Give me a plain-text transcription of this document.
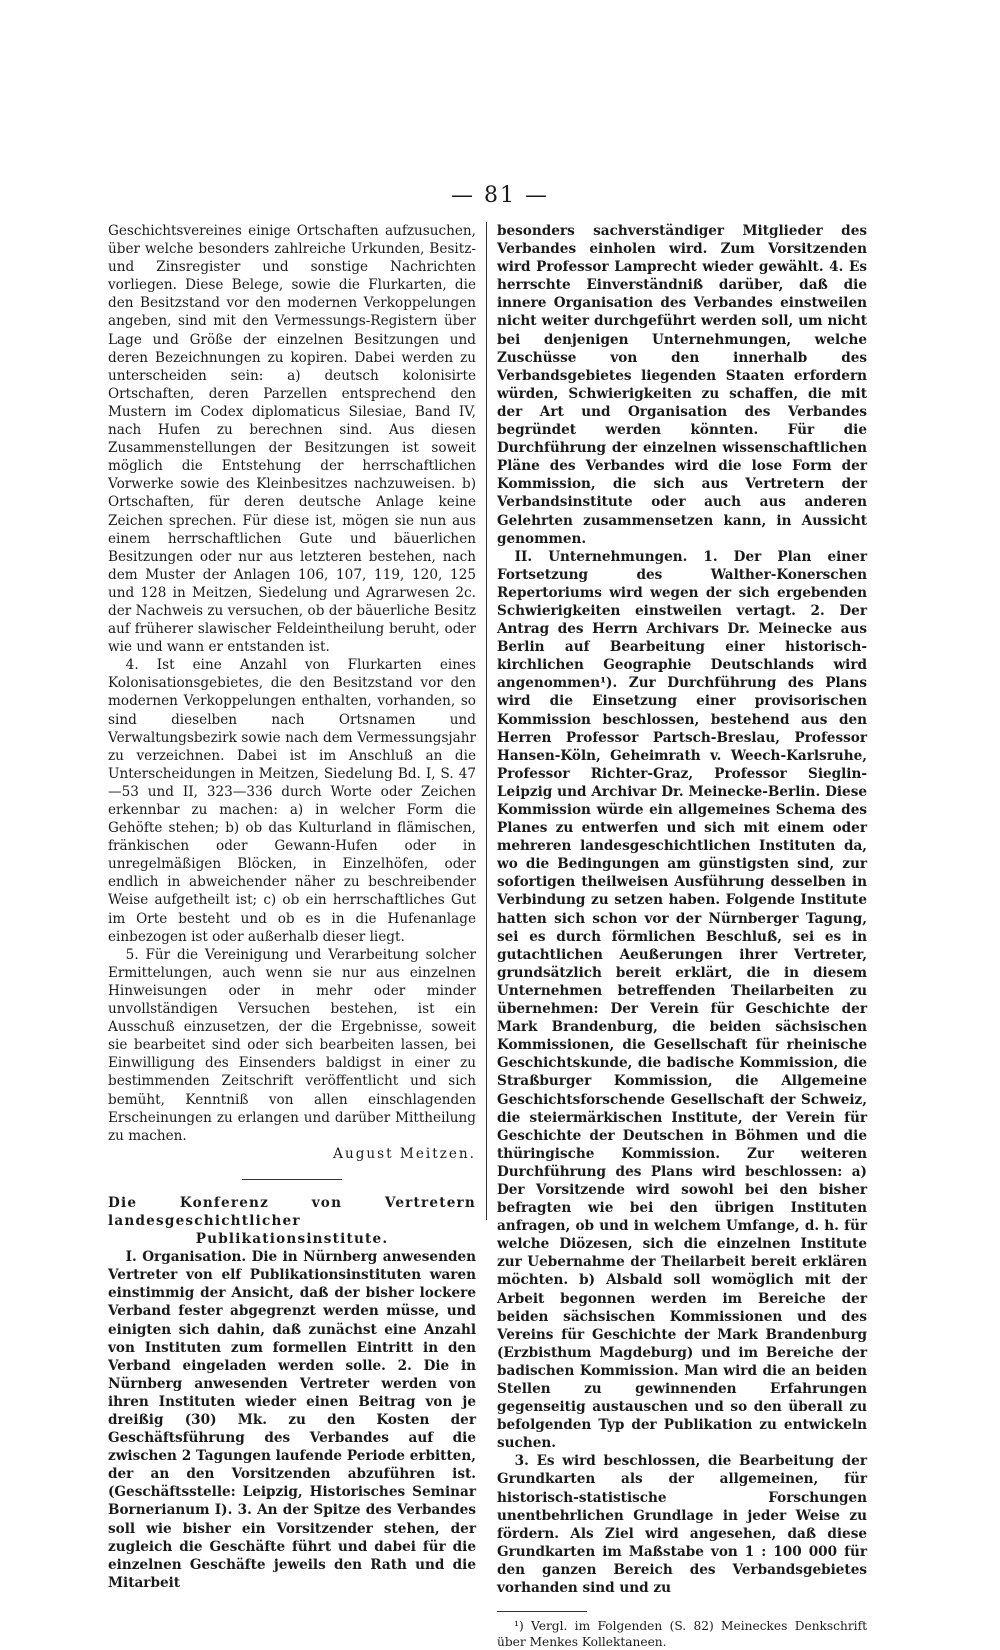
— 81 —

Geschichtsvereines einige Ortschaften aufzusuchen, über welche besonders zahlreiche Urkunden, Besitz- und Zinsregister und sonstige Nachrichten vorliegen. Diese Belege, sowie die Flurkarten, die den Besitzstand vor den modernen Verkoppelungen angeben, sind mit den Vermessungs-Registern über Lage und Größe der einzelnen Besitzungen und deren Bezeichnungen zu kopiren. Dabei werden zu unterscheiden sein: a) deutsch kolonisirte Ortschaften, deren Parzellen entsprechend den Mustern im Codex diplomaticus Silesiae, Band IV, nach Hufen zu berechnen sind. Aus diesen Zusammenstellungen der Besitzungen ist soweit möglich die Entstehung der herrschaftlichen Vorwerke sowie des Kleinbesitzes nachzuweisen. b) Ortschaften, für deren deutsche Anlage keine Zeichen sprechen. Für diese ist, mögen sie nun aus einem herrschaftlichen Gute und bäuerlichen Besitzungen oder nur aus letzteren bestehen, nach dem Muster der Anlagen 106, 107, 119, 120, 125 und 128 in Meitzen, Siedelung und Agrarwesen 2c. der Nachweis zu versuchen, ob der bäuerliche Besitz auf früherer slawischer Feldeintheilung beruht, oder wie und wann er entstanden ist.

4. Ist eine Anzahl von Flurkarten eines Kolonisationsgebietes, die den Besitzstand vor den modernen Verkoppelungen enthalten, vorhanden, so sind dieselben nach Ortsnamen und Verwaltungsbezirk sowie nach dem Vermessungsjahr zu verzeichnen. Dabei ist im Anschluß an die Unterscheidungen in Meitzen, Siedelung Bd. I, S. 47—53 und II, 323—336 durch Worte oder Zeichen erkennbar zu machen: a) in welcher Form die Gehöfte stehen; b) ob das Kulturland in flämischen, fränkischen oder Gewann-Hufen oder in unregelmäßigen Blöcken, in Einzelhöfen, oder endlich in abweichender näher zu beschreibender Weise aufgetheilt ist; c) ob ein herrschaftliches Gut im Orte besteht und ob es in die Hufenanlage einbezogen ist oder außerhalb dieser liegt.

5. Für die Vereinigung und Verarbeitung solcher Ermittelungen, auch wenn sie nur aus einzelnen Hinweisungen oder in mehr oder minder unvollständigen Versuchen bestehen, ist ein Ausschuß einzusetzen, der die Ergebnisse, soweit sie bearbeitet sind oder sich bearbeiten lassen, bei Einwilligung des Einsenders baldigst in einer zu bestimmenden Zeitschrift veröffentlicht und sich bemüht, Kenntniß von allen einschlagenden Erscheinungen zu erlangen und darüber Mittheilung zu machen.

August Meitzen.

Die Konferenz von Vertretern landesgeschichtlicher Publikationsinstitute.

I. Organisation. Die in Nürnberg anwesenden Vertreter von elf Publikationsinstituten waren einstimmig der Ansicht, daß der bisher lockere Verband fester abgegrenzt werden müsse, und einigten sich dahin, daß zunächst eine Anzahl von Instituten zum formellen Eintritt in den Verband eingeladen werden solle. 2. Die in Nürnberg anwesenden Vertreter werden von ihren Instituten wieder einen Beitrag von je dreißig (30) Mk. zu den Kosten der Geschäftsführung des Verbandes auf die zwischen 2 Tagungen laufende Periode erbitten, der an den Vorsitzenden abzuführen ist. (Geschäftsstelle: Leipzig, Historisches Seminar Bornerianum I). 3. An der Spitze des Verbandes soll wie bisher ein Vorsitzender stehen, der zugleich die Geschäfte führt und dabei für die einzelnen Geschäfte jeweils den Rath und die Mitarbeit

besonders sachverständiger Mitglieder des Verbandes einholen wird. Zum Vorsitzenden wird Professor Lamprecht wieder gewählt. 4. Es herrschte Einverständniß darüber, daß die innere Organisation des Verbandes einstweilen nicht weiter durchgeführt werden soll, um nicht bei denjenigen Unternehmungen, welche Zuschüsse von den innerhalb des Verbandsgebietes liegenden Staaten erfordern würden, Schwierigkeiten zu schaffen, die mit der Art und Organisation des Verbandes begründet werden könnten. Für die Durchführung der einzelnen wissenschaftlichen Pläne des Verbandes wird die lose Form der Kommission, die sich aus Vertretern der Verbandsinstitute oder auch aus anderen Gelehrten zusammensetzen kann, in Aussicht genommen.

II. Unternehmungen. 1. Der Plan einer Fortsetzung des Walther-Konerschen Repertoriums wird wegen der sich ergebenden Schwierigkeiten einstweilen vertagt. 2. Der Antrag des Herrn Archivars Dr. Meinecke aus Berlin auf Bearbeitung einer historisch-kirchlichen Geographie Deutschlands wird angenommen¹). Zur Durchführung des Plans wird die Einsetzung einer provisorischen Kommission beschlossen, bestehend aus den Herren Professor Partsch-Breslau, Professor Hansen-Köln, Geheimrath v. Weech-Karlsruhe, Professor Richter-Graz, Professor Sieglin-Leipzig und Archivar Dr. Meinecke-Berlin. Diese Kommission würde ein allgemeines Schema des Planes zu entwerfen und sich mit einem oder mehreren landesgeschichtlichen Instituten da, wo die Bedingungen am günstigsten sind, zur sofortigen theilweisen Ausführung desselben in Verbindung zu setzen haben. Folgende Institute hatten sich schon vor der Nürnberger Tagung, sei es durch förmlichen Beschluß, sei es in gutachtlichen Aeußerungen ihrer Vertreter, grundsätzlich bereit erklärt, die in diesem Unternehmen betreffenden Theilarbeiten zu übernehmen: Der Verein für Geschichte der Mark Brandenburg, die beiden sächsischen Kommissionen, die Gesellschaft für rheinische Geschichtskunde, die badische Kommission, die Straßburger Kommission, die Allgemeine Geschichtsforschende Gesellschaft der Schweiz, die steiermärkischen Institute, der Verein für Geschichte der Deutschen in Böhmen und die thüringische Kommission. Zur weiteren Durchführung des Plans wird beschlossen: a) Der Vorsitzende wird sowohl bei den bisher befragten wie bei den übrigen Instituten anfragen, ob und in welchem Umfange, d. h. für welche Diözesen, sich die einzelnen Institute zur Uebernahme der Theilarbeit bereit erklären möchten. b) Alsbald soll womöglich mit der Arbeit begonnen werden im Bereiche der beiden sächsischen Kommissionen und des Vereins für Geschichte der Mark Brandenburg (Erzbisthum Magdeburg) und im Bereiche der badischen Kommission. Man wird die an beiden Stellen zu gewinnenden Erfahrungen gegenseitig austauschen und so den überall zu befolgenden Typ der Publikation zu entwickeln suchen.

3. Es wird beschlossen, die Bearbeitung der Grundkarten als der allgemeinen, für historisch-statistische Forschungen unentbehrlichen Grundlage in jeder Weise zu fördern. Als Ziel wird angesehen, daß diese Grundkarten im Maßstabe von 1 : 100 000 für den ganzen Bereich des Verbandsgebietes vorhanden sind und zu

¹) Vergl. im Folgenden (S. 82) Meineckes Denkschrift über Menkes Kollektaneen.
